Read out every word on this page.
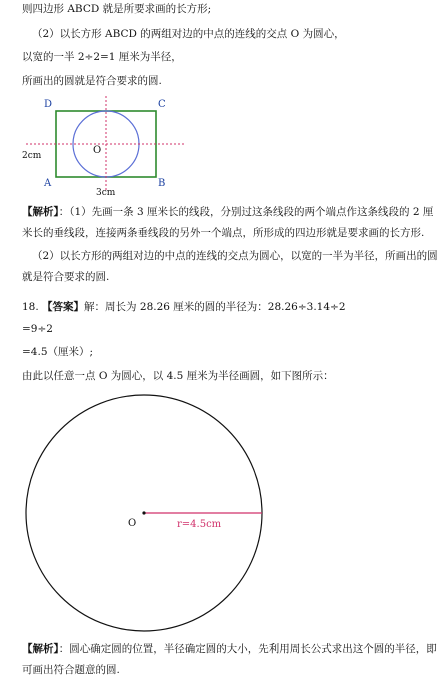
则四边形 ABCD 就是所要求画的长方形;
（2）以长方形 ABCD 的两组对边的中点的连线的交点 O 为圆心，
以宽的一半 2÷2=1 厘米为半径，
所画出的圆就是符合要求的圆.
D	C
A	B
O
2cm
3cm
【解析】：（1）先画一条 3 厘米长的线段，分别过这条线段的两个端点作这条线段的 2 厘米长的垂线段，连接两条垂线段的另外一个端点，所形成的四边形就是要求画的长方形.
（2）以长方形的两组对边的中点的连线的交点为圆心，以宽的一半为半径，所画出的圆就是符合要求的圆.
18. 【答案】解：周长为 28.26 厘米的圆的半径为：28.26÷3.14÷2
=9÷2
=4.5（厘米）;
由此以任意一点 O 为圆心，以 4.5 厘米为半径画圆，如下图所示：
O	r=4.5cm
【解析】：圆心确定圆的位置，半径确定圆的大小，先利用周长公式求出这个圆的半径，即可画出符合题意的圆.
